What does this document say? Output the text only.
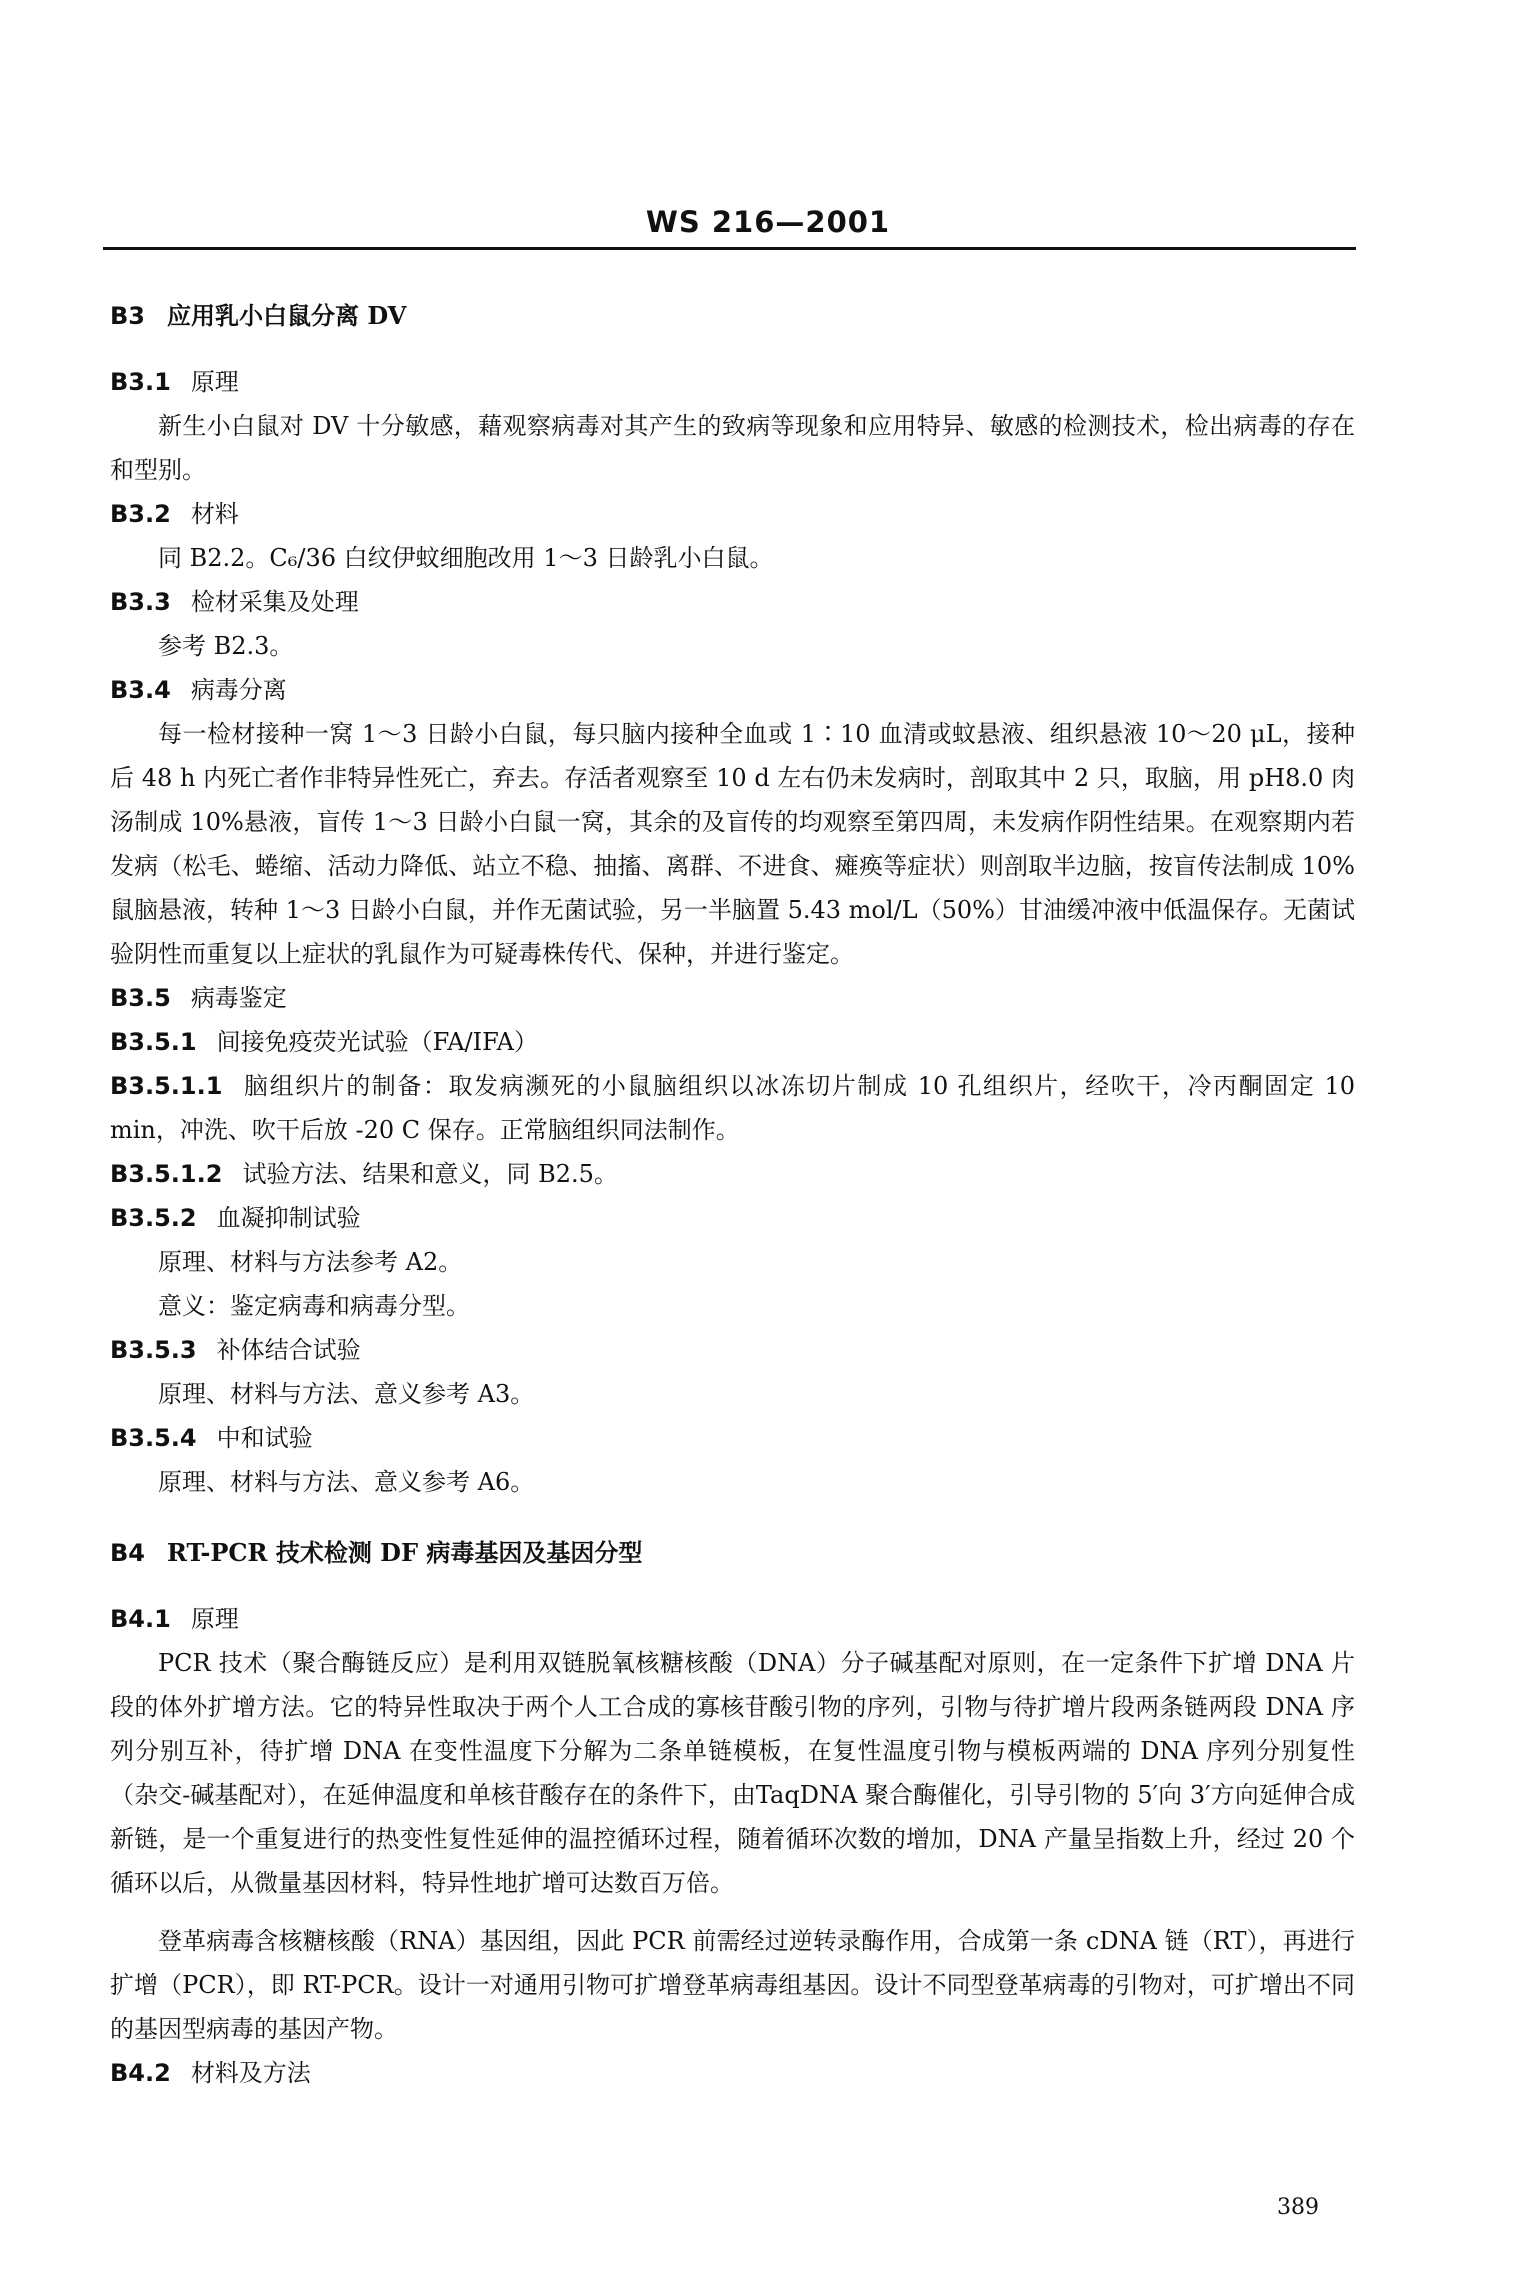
WS 216—2001
B3 应用乳小白鼠分离 DV
B3.1 原理
新生小白鼠对 DV 十分敏感，藉观察病毒对其产生的致病等现象和应用特异、敏感的检测技术，检出病毒的存在和型别。
B3.2 材料
同 B2.2。C₆/36 白纹伊蚊细胞改用 1～3 日龄乳小白鼠。
B3.3 检材采集及处理
参考 B2.3。
B3.4 病毒分离
每一检材接种一窝 1～3 日龄小白鼠，每只脑内接种全血或 1∶10 血清或蚊悬液、组织悬液 10～20 μL，接种后 48 h 内死亡者作非特异性死亡，弃去。存活者观察至 10 d 左右仍未发病时，剖取其中 2 只，取脑，用 pH8.0 肉汤制成 10%悬液，盲传 1～3 日龄小白鼠一窝，其余的及盲传的均观察至第四周，未发病作阴性结果。在观察期内若发病（松毛、蜷缩、活动力降低、站立不稳、抽搐、离群、不进食、瘫痪等症状）则剖取半边脑，按盲传法制成 10%鼠脑悬液，转种 1～3 日龄小白鼠，并作无菌试验，另一半脑置 5.43 mol/L（50%）甘油缓冲液中低温保存。无菌试验阴性而重复以上症状的乳鼠作为可疑毒株传代、保种，并进行鉴定。
B3.5 病毒鉴定
B3.5.1 间接免疫荧光试验（FA/IFA）
B3.5.1.1 脑组织片的制备：取发病濒死的小鼠脑组织以冰冻切片制成 10 孔组织片，经吹干，冷丙酮固定 10 min，冲洗、吹干后放 -20 C 保存。正常脑组织同法制作。
B3.5.1.2 试验方法、结果和意义，同 B2.5。
B3.5.2 血凝抑制试验
原理、材料与方法参考 A2。
意义：鉴定病毒和病毒分型。
B3.5.3 补体结合试验
原理、材料与方法、意义参考 A3。
B3.5.4 中和试验
原理、材料与方法、意义参考 A6。
B4 RT-PCR 技术检测 DF 病毒基因及基因分型
B4.1 原理
PCR 技术（聚合酶链反应）是利用双链脱氧核糖核酸（DNA）分子碱基配对原则，在一定条件下扩增 DNA 片段的体外扩增方法。它的特异性取决于两个人工合成的寡核苷酸引物的序列，引物与待扩增片段两条链两段 DNA 序列分别互补，待扩增 DNA 在变性温度下分解为二条单链模板，在复性温度引物与模板两端的 DNA 序列分别复性（杂交-碱基配对），在延伸温度和单核苷酸存在的条件下，由TaqDNA 聚合酶催化，引导引物的 5′向 3′方向延伸合成新链，是一个重复进行的热变性复性延伸的温控循环过程，随着循环次数的增加，DNA 产量呈指数上升，经过 20 个循环以后，从微量基因材料，特异性地扩增可达数百万倍。
登革病毒含核糖核酸（RNA）基因组，因此 PCR 前需经过逆转录酶作用，合成第一条 cDNA 链（RT），再进行扩增（PCR），即 RT-PCR。设计一对通用引物可扩增登革病毒组基因。设计不同型登革病毒的引物对，可扩增出不同的基因型病毒的基因产物。
B4.2 材料及方法
389
